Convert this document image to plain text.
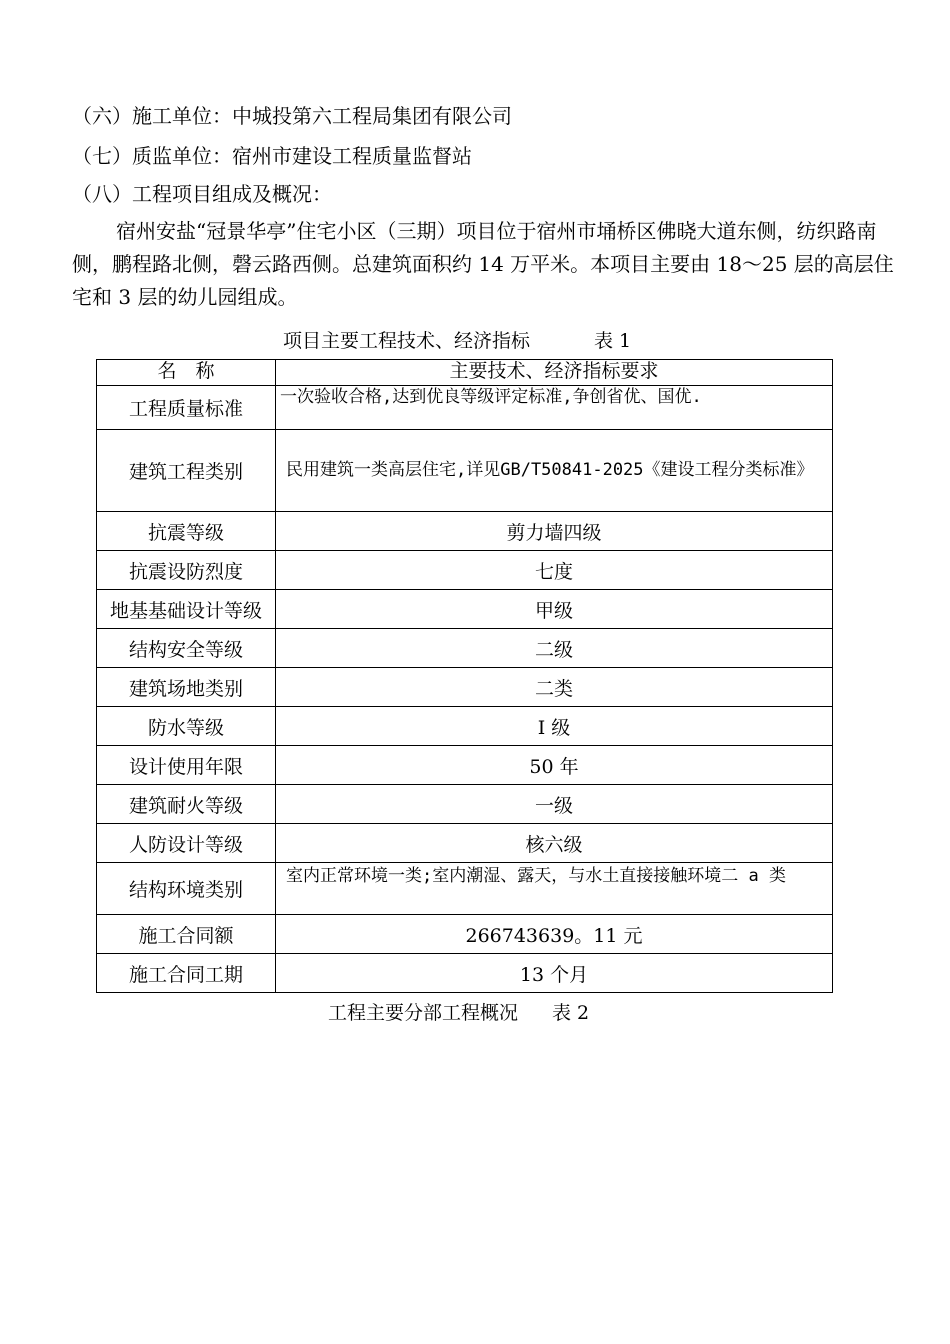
（六）施工单位：中城投第六工程局集团有限公司
（七）质监单位：宿州市建设工程质量监督站
（八）工程项目组成及概况：
宿州安盐“冠景华亭”住宅小区（三期）项目位于宿州市埇桥区佛晓大道东侧，纺织路南侧，鹏程路北侧，磬云路西侧。总建筑面积约 14 万平米。本项目主要由 18～25 层的高层住宅和 3 层的幼儿园组成。
项目主要工程技术、经济指标	表 1
名　称	主要技术、经济指标要求
工程质量标准	一次验收合格,达到优良等级评定标准,争创省优、国优.
建筑工程类别	民用建筑一类高层住宅,详见GB/T50841-2025《建设工程分类标准》
抗震等级	剪力墙四级
抗震设防烈度	七度
地基基础设计等级	甲级
结构安全等级	二级
建筑场地类别	二类
防水等级	Ⅰ 级
设计使用年限	50 年
建筑耐火等级	一级
人防设计等级	核六级
结构环境类别	室内正常环境一类;室内潮湿、露天，与水土直接接触环境二 a 类
施工合同额	266743639。11 元
施工合同工期	13 个月
工程主要分部工程概况 表 2
